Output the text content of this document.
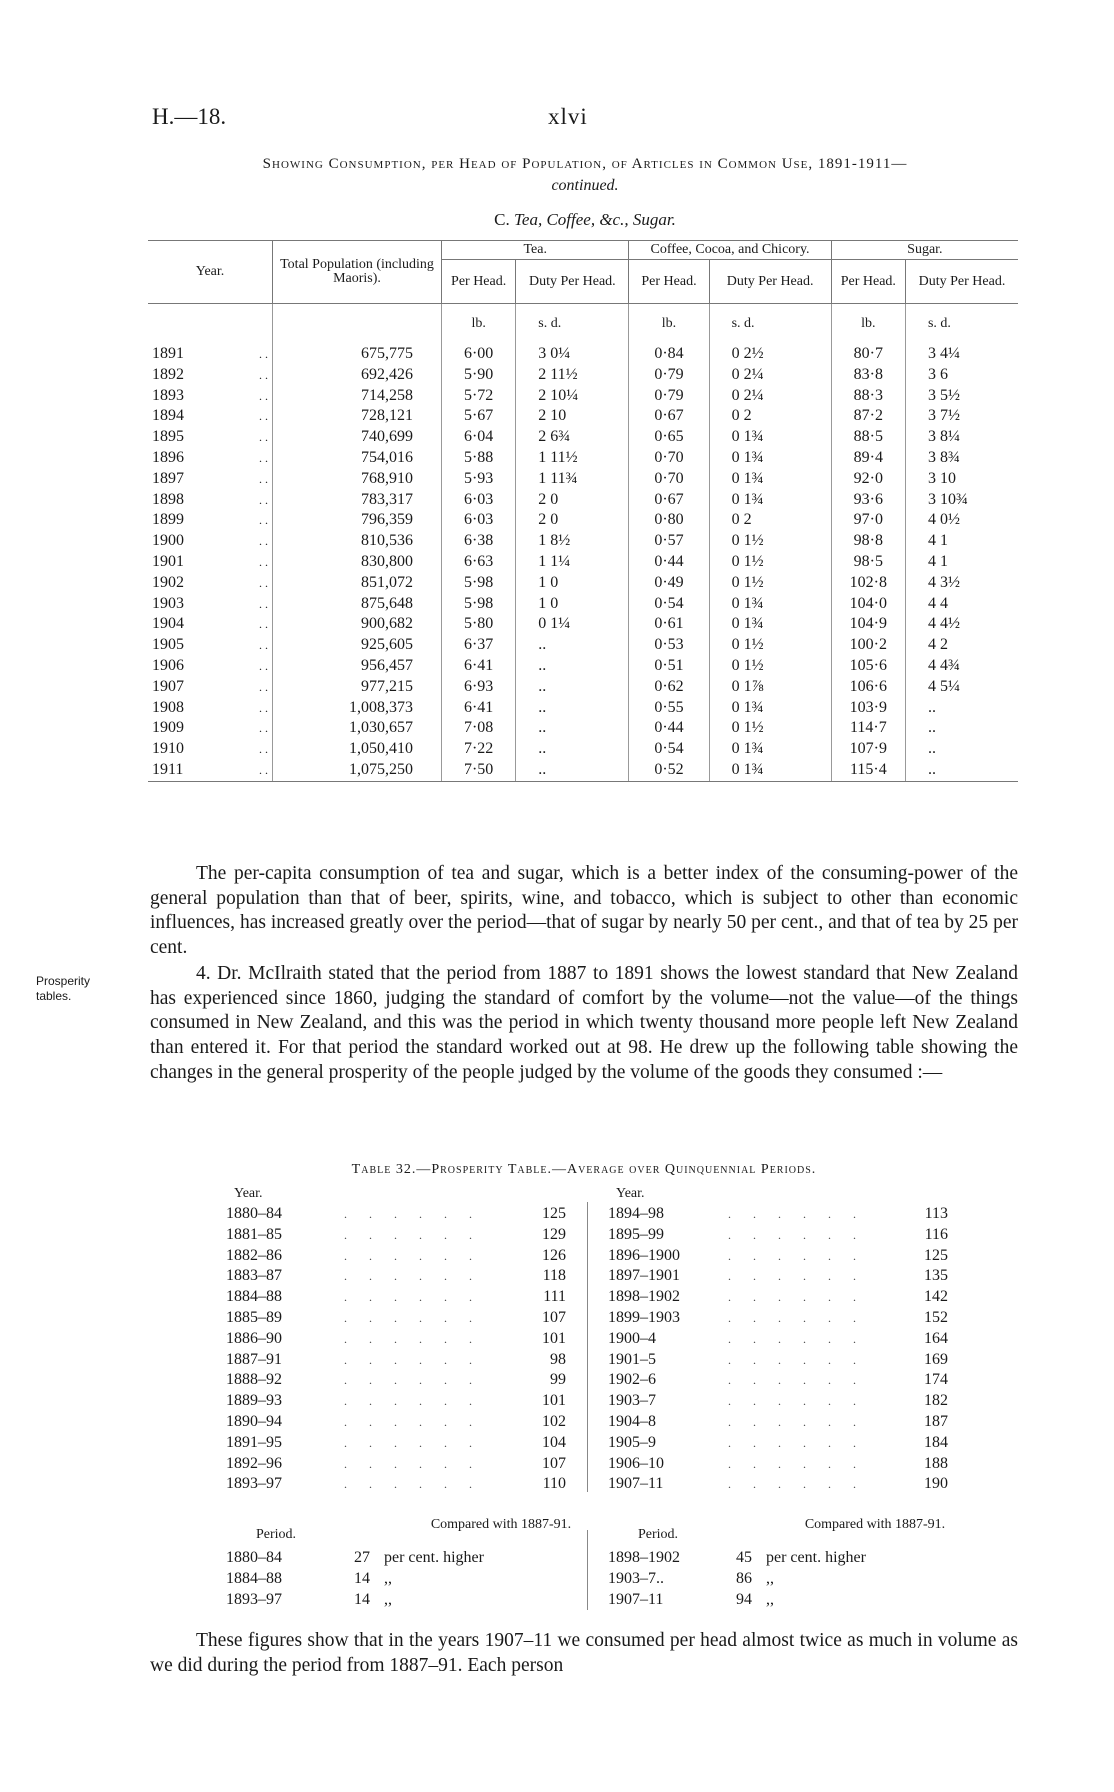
H.—18.	xlvi
Showing Consumption, per Head of Population, of Articles in Common Use, 1891-1911—
continued.
C. Tea, Coffee, &c., Sugar.
Year.		Total Population (including Maoris).	Tea.		Coffee, Cocoa, and Chicory.		Sugar.	
			Per Head.	Duty Per Head.	Per Head.	Duty Per Head.	Per Head.	Duty Per Head.
			lb.	s. d.	lb.	s. d.	lb.	s. d.
1891	. .	675,775	6·00	3 0¼	0·84	0 2½	80·7	3 4¼
1892	. .	692,426	5·90	2 11½	0·79	0 2¼	83·8	3 6
1893	. .	714,258	5·72	2 10¼	0·79	0 2¼	88·3	3 5½
1894	. .	728,121	5·67	2 10	0·67	0 2	87·2	3 7½
1895	. .	740,699	6·04	2 6¾	0·65	0 1¾	88·5	3 8¼
1896	. .	754,016	5·88	1 11½	0·70	0 1¾	89·4	3 8¾
1897	. .	768,910	5·93	1 11¾	0·70	0 1¾	92·0	3 10
1898	. .	783,317	6·03	2 0	0·67	0 1¾	93·6	3 10¾
1899	. .	796,359	6·03	2 0	0·80	0 2	97·0	4 0½
1900	. .	810,536	6·38	1 8½	0·57	0 1½	98·8	4 1
1901	. .	830,800	6·63	1 1¼	0·44	0 1½	98·5	4 1
1902	. .	851,072	5·98	1 0	0·49	0 1½	102·8	4 3½
1903	. .	875,648	5·98	1 0	0·54	0 1¾	104·0	4 4
1904	. .	900,682	5·80	0 1¼	0·61	0 1¾	104·9	4 4½
1905	. .	925,605	6·37	..	0·53	0 1½	100·2	4 2
1906	. .	956,457	6·41	..	0·51	0 1½	105·6	4 4¾
1907	. .	977,215	6·93	..	0·62	0 1⅞	106·6	4 5¼
1908	. .	1,008,373	6·41	..	0·55	0 1¾	103·9	..
1909	. .	1,030,657	7·08	..	0·44	0 1½	114·7	..
1910	. .	1,050,410	7·22	..	0·54	0 1¾	107·9	..
1911	. .	1,075,250	7·50	..	0·52	0 1¾	115·4	..

The per-capita consumption of tea and sugar, which is a better index of the consuming-power of the general population than that of beer, spirits, wine, and tobacco, which is subject to other than economic influences, has increased greatly over the period—that of sugar by nearly 50 per cent., and that of tea by 25 per cent.

Prosperity tables.

4. Dr. McIlraith stated that the period from 1887 to 1891 shows the lowest standard that New Zealand has experienced since 1860, judging the standard of comfort by the volume—not the value—of the things consumed in New Zealand, and this was the period in which twenty thousand more people left New Zealand than entered it. For that period the standard worked out at 98. He drew up the following table showing the changes in the general prosperity of the people judged by the volume of the goods they consumed :—

Table 32.—Prosperity Table.—Average over Quinquennial Periods.
Year.
1880–84	......	125
1881–85	......	129
1882–86	......	126
1883–87	......	118
1884–88	......	111
1885–89	......	107
1886–90	......	101
1887–91	......	98
1888–92	......	99
1889–93	......	101
1890–94	......	102
1891–95	......	104
1892–96	......	107
1893–97	......	110
Year.
1894–98	......	113
1895–99	......	116
1896–1900	......	125
1897–1901	......	135
1898–1902	......	142
1899–1903	......	152
1900–4	......	164
1901–5	......	169
1902–6	......	174
1903–7	......	182
1904–8	......	187
1905–9	......	184
1906–10	......	188
1907–11	......	190
Period.
Compared with 1887-91.
Period.
Compared with 1887-91.
1880–84	27 per cent. higher
1884–88	14 ,,
1893–97	14 ,,
1898–1902	45 per cent. higher
1903–7..	86 ,,
1907–11	94 ,,

These figures show that in the years 1907–11 we consumed per head almost twice as much in volume as we did during the period from 1887–91. Each person
